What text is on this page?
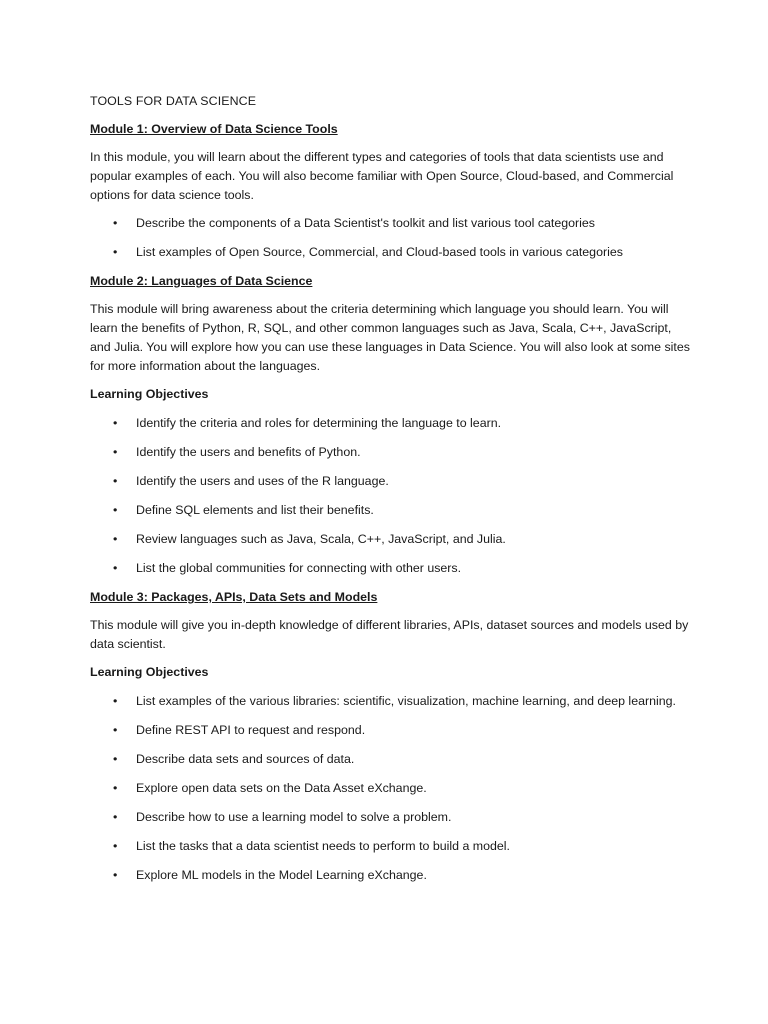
TOOLS FOR DATA SCIENCE

Module 1: Overview of Data Science Tools

In this module, you will learn about the different types and categories of tools that data scientists use and popular examples of each. You will also become familiar with Open Source, Cloud-based, and Commercial options for data science tools.

• Describe the components of a Data Scientist's toolkit and list various tool categories
• List examples of Open Source, Commercial, and Cloud-based tools in various categories

Module 2: Languages of Data Science

This module will bring awareness about the criteria determining which language you should learn. You will learn the benefits of Python, R, SQL, and other common languages such as Java, Scala, C++, JavaScript, and Julia. You will explore how you can use these languages in Data Science. You will also look at some sites for more information about the languages.

Learning Objectives

• Identify the criteria and roles for determining the language to learn.
• Identify the users and benefits of Python.
• Identify the users and uses of the R language.
• Define SQL elements and list their benefits.
• Review languages such as Java, Scala, C++, JavaScript, and Julia.
• List the global communities for connecting with other users.

Module 3: Packages, APIs, Data Sets and Models

This module will give you in-depth knowledge of different libraries, APIs, dataset sources and models used by data scientist.

Learning Objectives

• List examples of the various libraries: scientific, visualization, machine learning, and deep learning.
• Define REST API to request and respond.
• Describe data sets and sources of data.
• Explore open data sets on the Data Asset eXchange.
• Describe how to use a learning model to solve a problem.
• List the tasks that a data scientist needs to perform to build a model.
• Explore ML models in the Model Learning eXchange.
